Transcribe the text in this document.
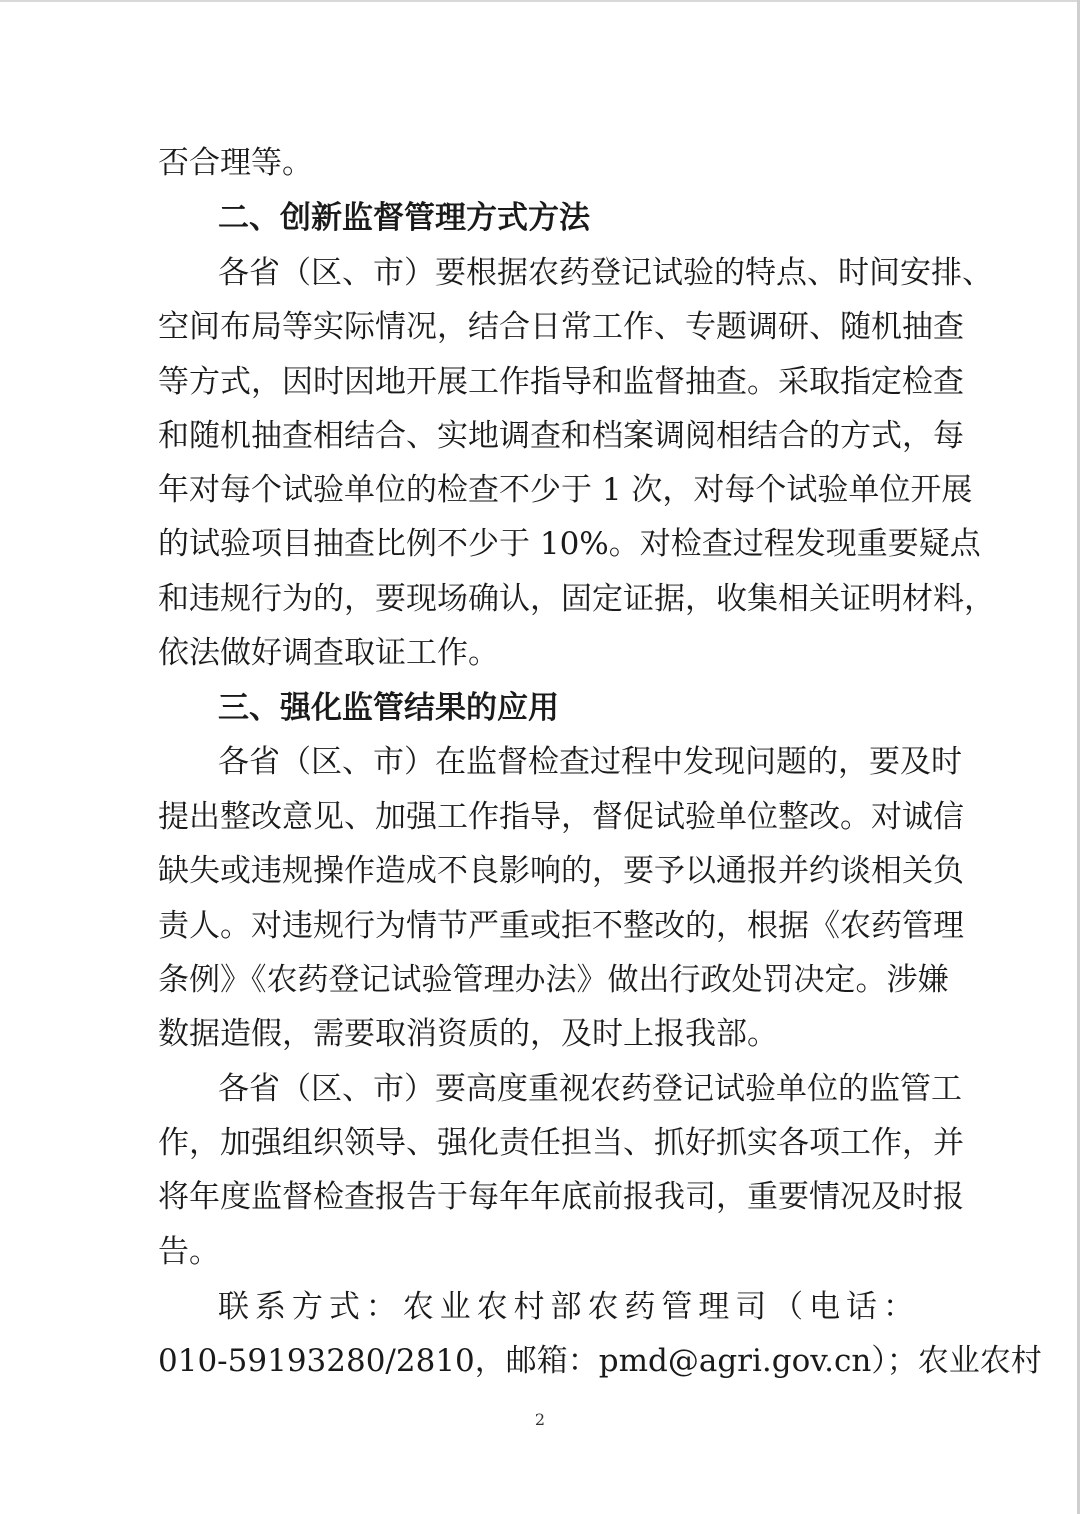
否合理等。
二、创新监督管理方式方法
各省（区、市）要根据农药登记试验的特点、时间安排、
空间布局等实际情况，结合日常工作、专题调研、随机抽查
等方式，因时因地开展工作指导和监督抽查。采取指定检查
和随机抽查相结合、实地调查和档案调阅相结合的方式，每
年对每个试验单位的检查不少于 1 次，对每个试验单位开展
的试验项目抽查比例不少于 10%。对检查过程发现重要疑点
和违规行为的，要现场确认，固定证据，收集相关证明材料，
依法做好调查取证工作。
三、强化监管结果的应用
各省（区、市）在监督检查过程中发现问题的，要及时
提出整改意见、加强工作指导，督促试验单位整改。对诚信
缺失或违规操作造成不良影响的，要予以通报并约谈相关负
责人。对违规行为情节严重或拒不整改的，根据《农药管理
条例》《农药登记试验管理办法》做出行政处罚决定。涉嫌
数据造假，需要取消资质的，及时上报我部。
各省（区、市）要高度重视农药登记试验单位的监管工
作，加强组织领导、强化责任担当、抓好抓实各项工作，并
将年度监督检查报告于每年年底前报我司，重要情况及时报
告。
联系方式：农业农村部农药管理司（电话：
010-59193280/2810，邮箱：pmd@agri.gov.cn）；农业农村
2
